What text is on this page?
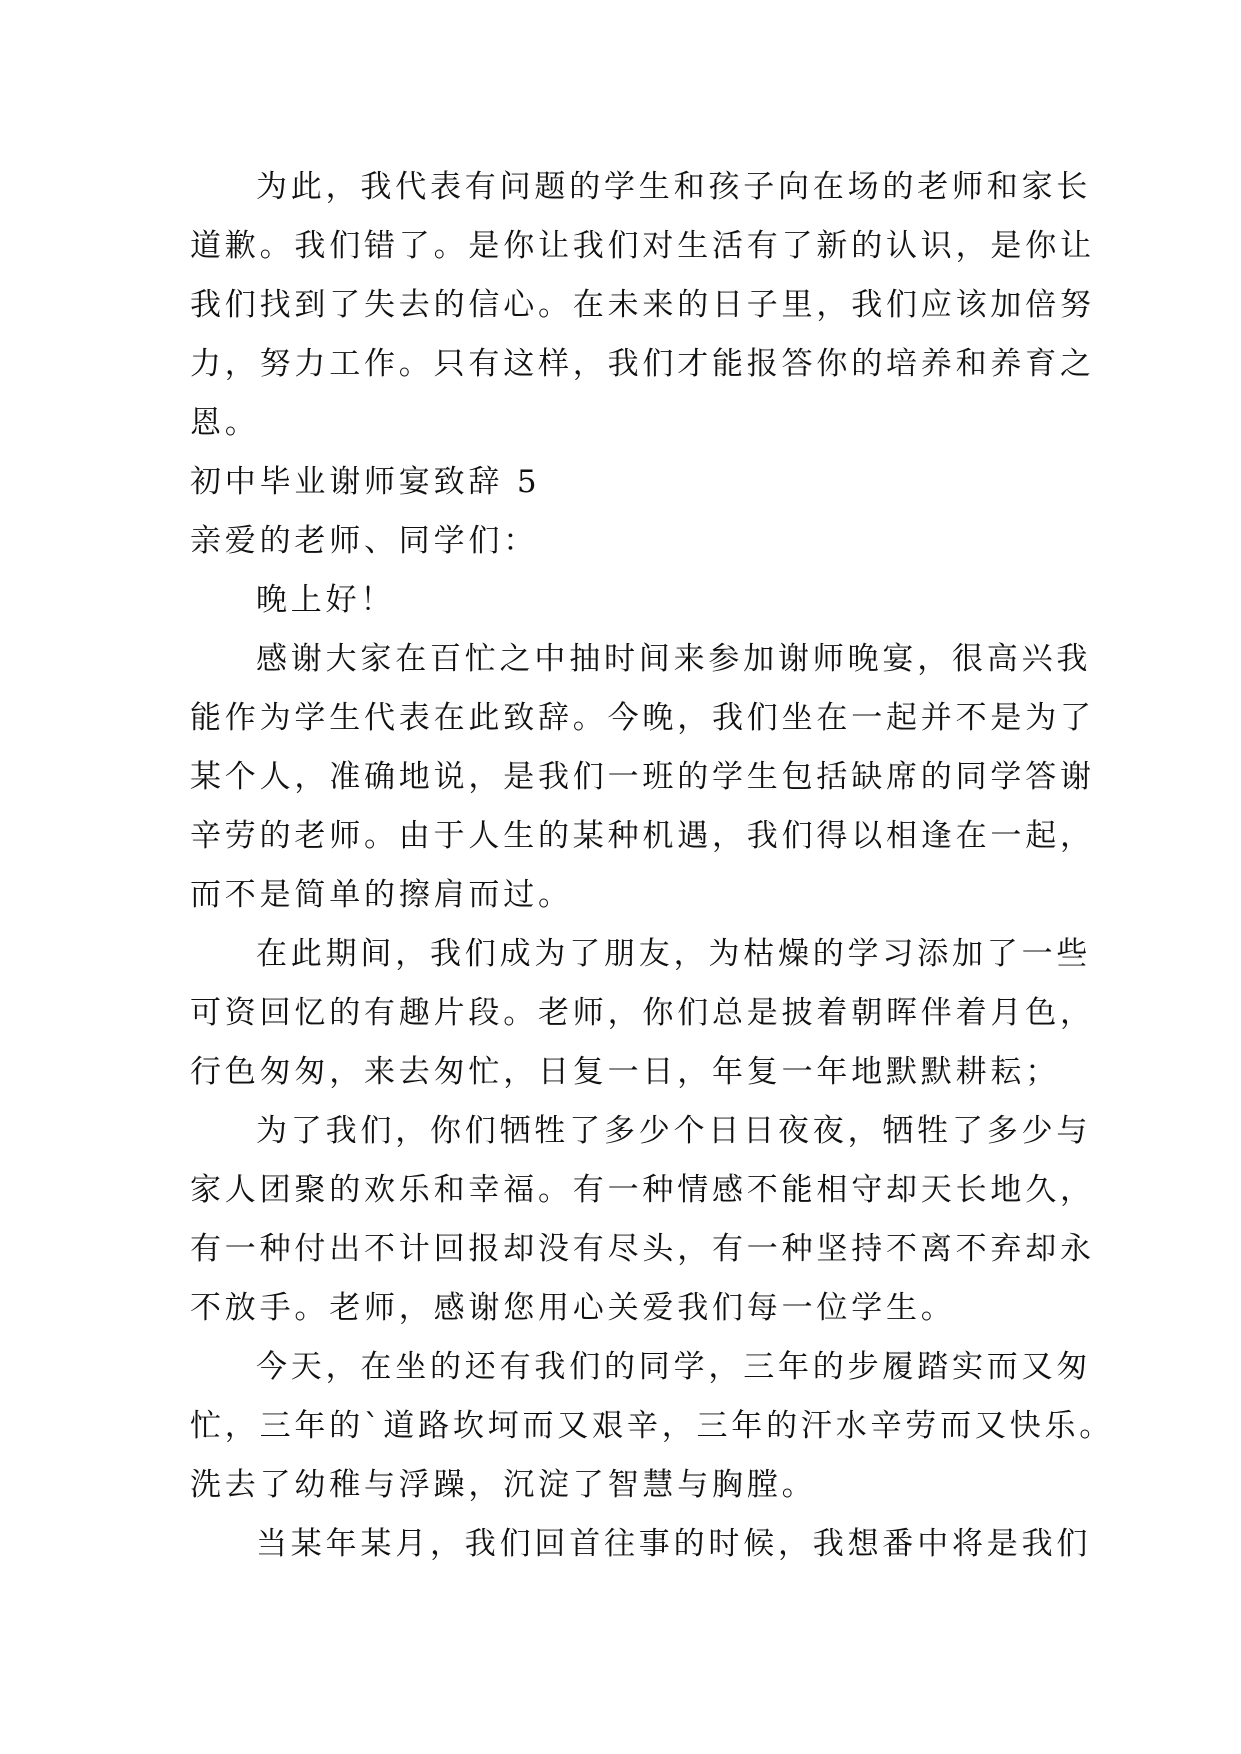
为此，我代表有问题的学生和孩子向在场的老师和家长

道歉。我们错了。是你让我们对生活有了新的认识，是你让

我们找到了失去的信心。在未来的日子里，我们应该加倍努

力，努力工作。只有这样，我们才能报答你的培养和养育之

恩。

初中毕业谢师宴致辞 5

亲爱的老师、同学们：

晚上好！

感谢大家在百忙之中抽时间来参加谢师晚宴，很高兴我

能作为学生代表在此致辞。今晚，我们坐在一起并不是为了

某个人，准确地说，是我们一班的学生包括缺席的同学答谢

辛劳的老师。由于人生的某种机遇，我们得以相逢在一起，

而不是简单的擦肩而过。

在此期间，我们成为了朋友，为枯燥的学习添加了一些

可资回忆的有趣片段。老师，你们总是披着朝晖伴着月色，

行色匆匆，来去匆忙，日复一日，年复一年地默默耕耘；

为了我们，你们牺牲了多少个日日夜夜，牺牲了多少与

家人团聚的欢乐和幸福。有一种情感不能相守却天长地久，

有一种付出不计回报却没有尽头，有一种坚持不离不弃却永

不放手。老师，感谢您用心关爱我们每一位学生。

今天，在坐的还有我们的同学，三年的步履踏实而又匆

忙，三年的`道路坎坷而又艰辛，三年的汗水辛劳而又快乐。

洗去了幼稚与浮躁，沉淀了智慧与胸膛。

当某年某月，我们回首往事的时候，我想番中将是我们
